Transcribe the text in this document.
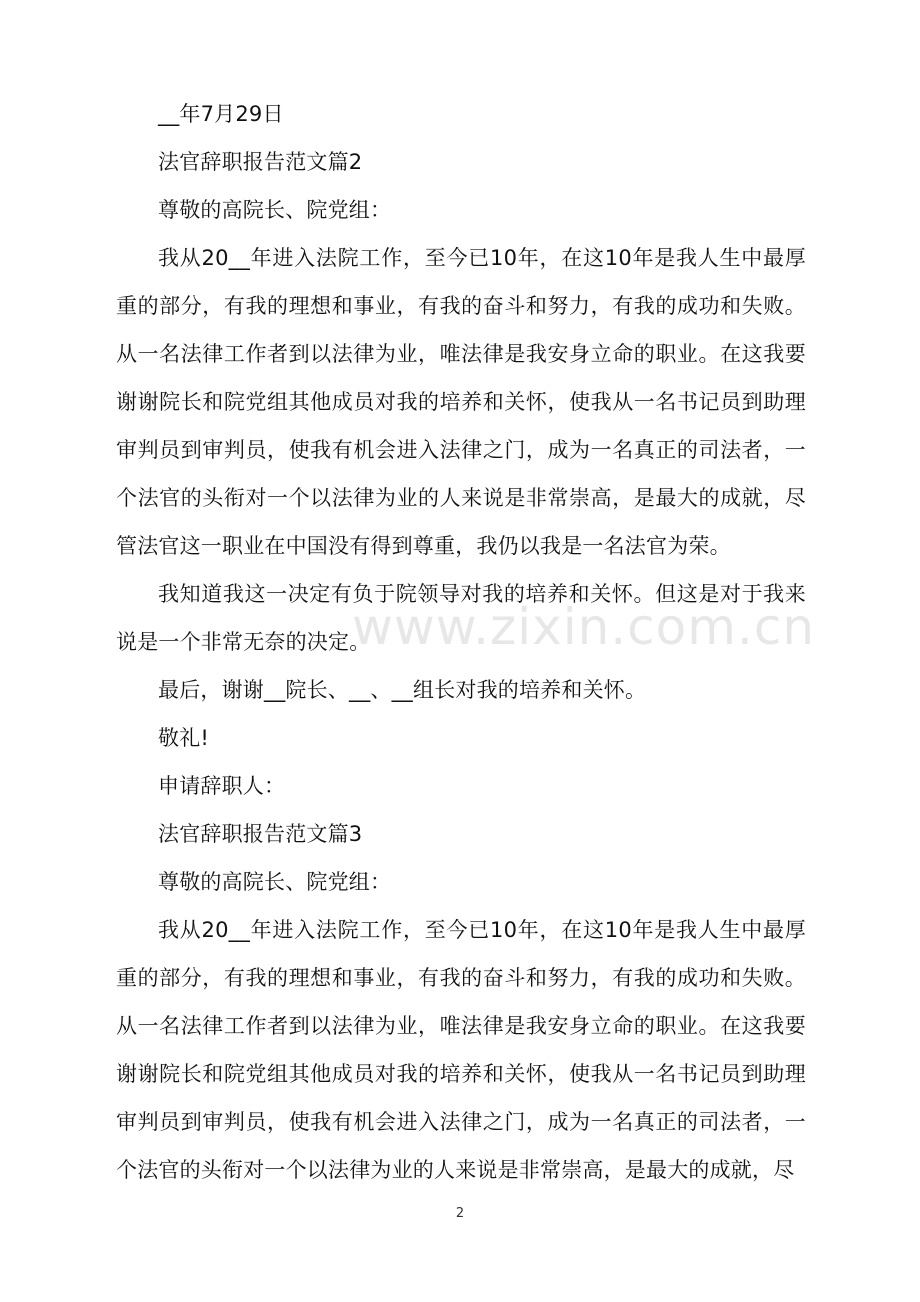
__年7月29日

法官辞职报告范文篇2

尊敬的高院长、院党组：

我从20__年进入法院工作，至今已10年，在这10年是我人生中最厚重的部分，有我的理想和事业，有我的奋斗和努力，有我的成功和失败。从一名法律工作者到以法律为业，唯法律是我安身立命的职业。在这我要谢谢院长和院党组其他成员对我的培养和关怀，使我从一名书记员到助理审判员到审判员，使我有机会进入法律之门，成为一名真正的司法者，一个法官的头衔对一个以法律为业的人来说是非常崇高，是最大的成就，尽管法官这一职业在中国没有得到尊重，我仍以我是一名法官为荣。

我知道我这一决定有负于院领导对我的培养和关怀。但这是对于我来说是一个非常无奈的决定。

最后，谢谢__院长、__、__组长对我的培养和关怀。

敬礼!

申请辞职人：

法官辞职报告范文篇3

尊敬的高院长、院党组：

我从20__年进入法院工作，至今已10年，在这10年是我人生中最厚重的部分，有我的理想和事业，有我的奋斗和努力，有我的成功和失败。从一名法律工作者到以法律为业，唯法律是我安身立命的职业。在这我要谢谢院长和院党组其他成员对我的培养和关怀，使我从一名书记员到助理审判员到审判员，使我有机会进入法律之门，成为一名真正的司法者，一个法官的头衔对一个以法律为业的人来说是非常崇高，是最大的成就，尽

www.zixin.com.cn
2
